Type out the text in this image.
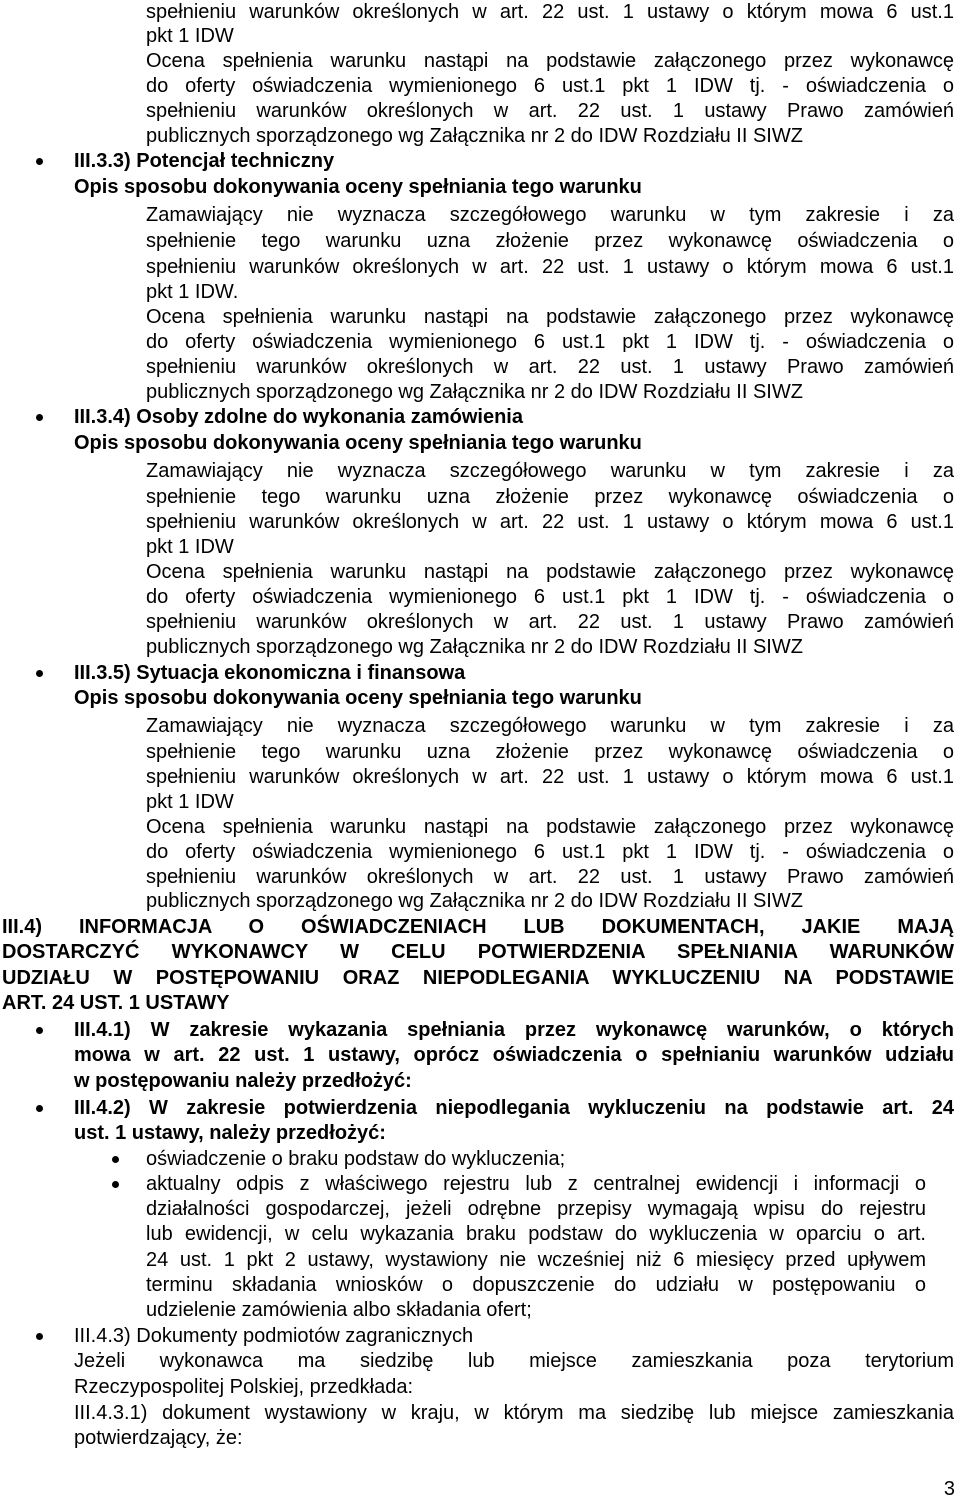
3
spełnieniu warunków określonych w art. 22 ust. 1 ustawy o którym mowa 6 ust.1
pkt 1 IDW
Ocena spełnienia warunku nastąpi na podstawie załączonego przez wykonawcę
do oferty oświadczenia wymienionego 6 ust.1 pkt 1 IDW tj. - oświadczenia o
spełnieniu warunków określonych w art. 22 ust. 1 ustawy Prawo zamówień
publicznych sporządzonego wg Załącznika nr 2 do IDW Rozdziału II SIWZ
III.3.3) Potencjał techniczny
Opis sposobu dokonywania oceny spełniania tego warunku
Zamawiający nie wyznacza szczegółowego warunku w tym zakresie i za
spełnienie tego warunku uzna złożenie przez wykonawcę oświadczenia o
spełnieniu warunków określonych w art. 22 ust. 1 ustawy o którym mowa 6 ust.1
pkt 1 IDW.
Ocena spełnienia warunku nastąpi na podstawie załączonego przez wykonawcę
do oferty oświadczenia wymienionego 6 ust.1 pkt 1 IDW tj. - oświadczenia o
spełnieniu warunków określonych w art. 22 ust. 1 ustawy Prawo zamówień
publicznych sporządzonego wg Załącznika nr 2 do IDW Rozdziału II SIWZ
III.3.4) Osoby zdolne do wykonania zamówienia
Opis sposobu dokonywania oceny spełniania tego warunku
Zamawiający nie wyznacza szczegółowego warunku w tym zakresie i za
spełnienie tego warunku uzna złożenie przez wykonawcę oświadczenia o
spełnieniu warunków określonych w art. 22 ust. 1 ustawy o którym mowa 6 ust.1
pkt 1 IDW
Ocena spełnienia warunku nastąpi na podstawie załączonego przez wykonawcę
do oferty oświadczenia wymienionego 6 ust.1 pkt 1 IDW tj. - oświadczenia o
spełnieniu warunków określonych w art. 22 ust. 1 ustawy Prawo zamówień
publicznych sporządzonego wg Załącznika nr 2 do IDW Rozdziału II SIWZ
III.3.5) Sytuacja ekonomiczna i finansowa
Opis sposobu dokonywania oceny spełniania tego warunku
Zamawiający nie wyznacza szczegółowego warunku w tym zakresie i za
spełnienie tego warunku uzna złożenie przez wykonawcę oświadczenia o
spełnieniu warunków określonych w art. 22 ust. 1 ustawy o którym mowa 6 ust.1
pkt 1 IDW
Ocena spełnienia warunku nastąpi na podstawie załączonego przez wykonawcę
do oferty oświadczenia wymienionego 6 ust.1 pkt 1 IDW tj. - oświadczenia o
spełnieniu warunków określonych w art. 22 ust. 1 ustawy Prawo zamówień
publicznych sporządzonego wg Załącznika nr 2 do IDW Rozdziału II SIWZ
III.4) INFORMACJA O OŚWIADCZENIACH LUB DOKUMENTACH, JAKIE MAJĄ
DOSTARCZYĆ WYKONAWCY W CELU POTWIERDZENIA SPEŁNIANIA WARUNKÓW
UDZIAŁU W POSTĘPOWANIU ORAZ NIEPODLEGANIA WYKLUCZENIU NA PODSTAWIE
ART. 24 UST. 1 USTAWY
III.4.1) W zakresie wykazania spełniania przez wykonawcę warunków, o których
mowa w art. 22 ust. 1 ustawy, oprócz oświadczenia o spełnianiu warunków udziału
w postępowaniu należy przedłożyć:
III.4.2) W zakresie potwierdzenia niepodlegania wykluczeniu na podstawie art. 24
ust. 1 ustawy, należy przedłożyć:
oświadczenie o braku podstaw do wykluczenia;
aktualny odpis z właściwego rejestru lub z centralnej ewidencji i informacji o
działalności gospodarczej, jeżeli odrębne przepisy wymagają wpisu do rejestru
lub ewidencji, w celu wykazania braku podstaw do wykluczenia w oparciu o art.
24 ust. 1 pkt 2 ustawy, wystawiony nie wcześniej niż 6 miesięcy przed upływem
terminu składania wniosków o dopuszczenie do udziału w postępowaniu o
udzielenie zamówienia albo składania ofert;
III.4.3) Dokumenty podmiotów zagranicznych
Jeżeli wykonawca ma siedzibę lub miejsce zamieszkania poza terytorium
Rzeczypospolitej Polskiej, przedkłada:
III.4.3.1) dokument wystawiony w kraju, w którym ma siedzibę lub miejsce zamieszkania
potwierdzający, że:
